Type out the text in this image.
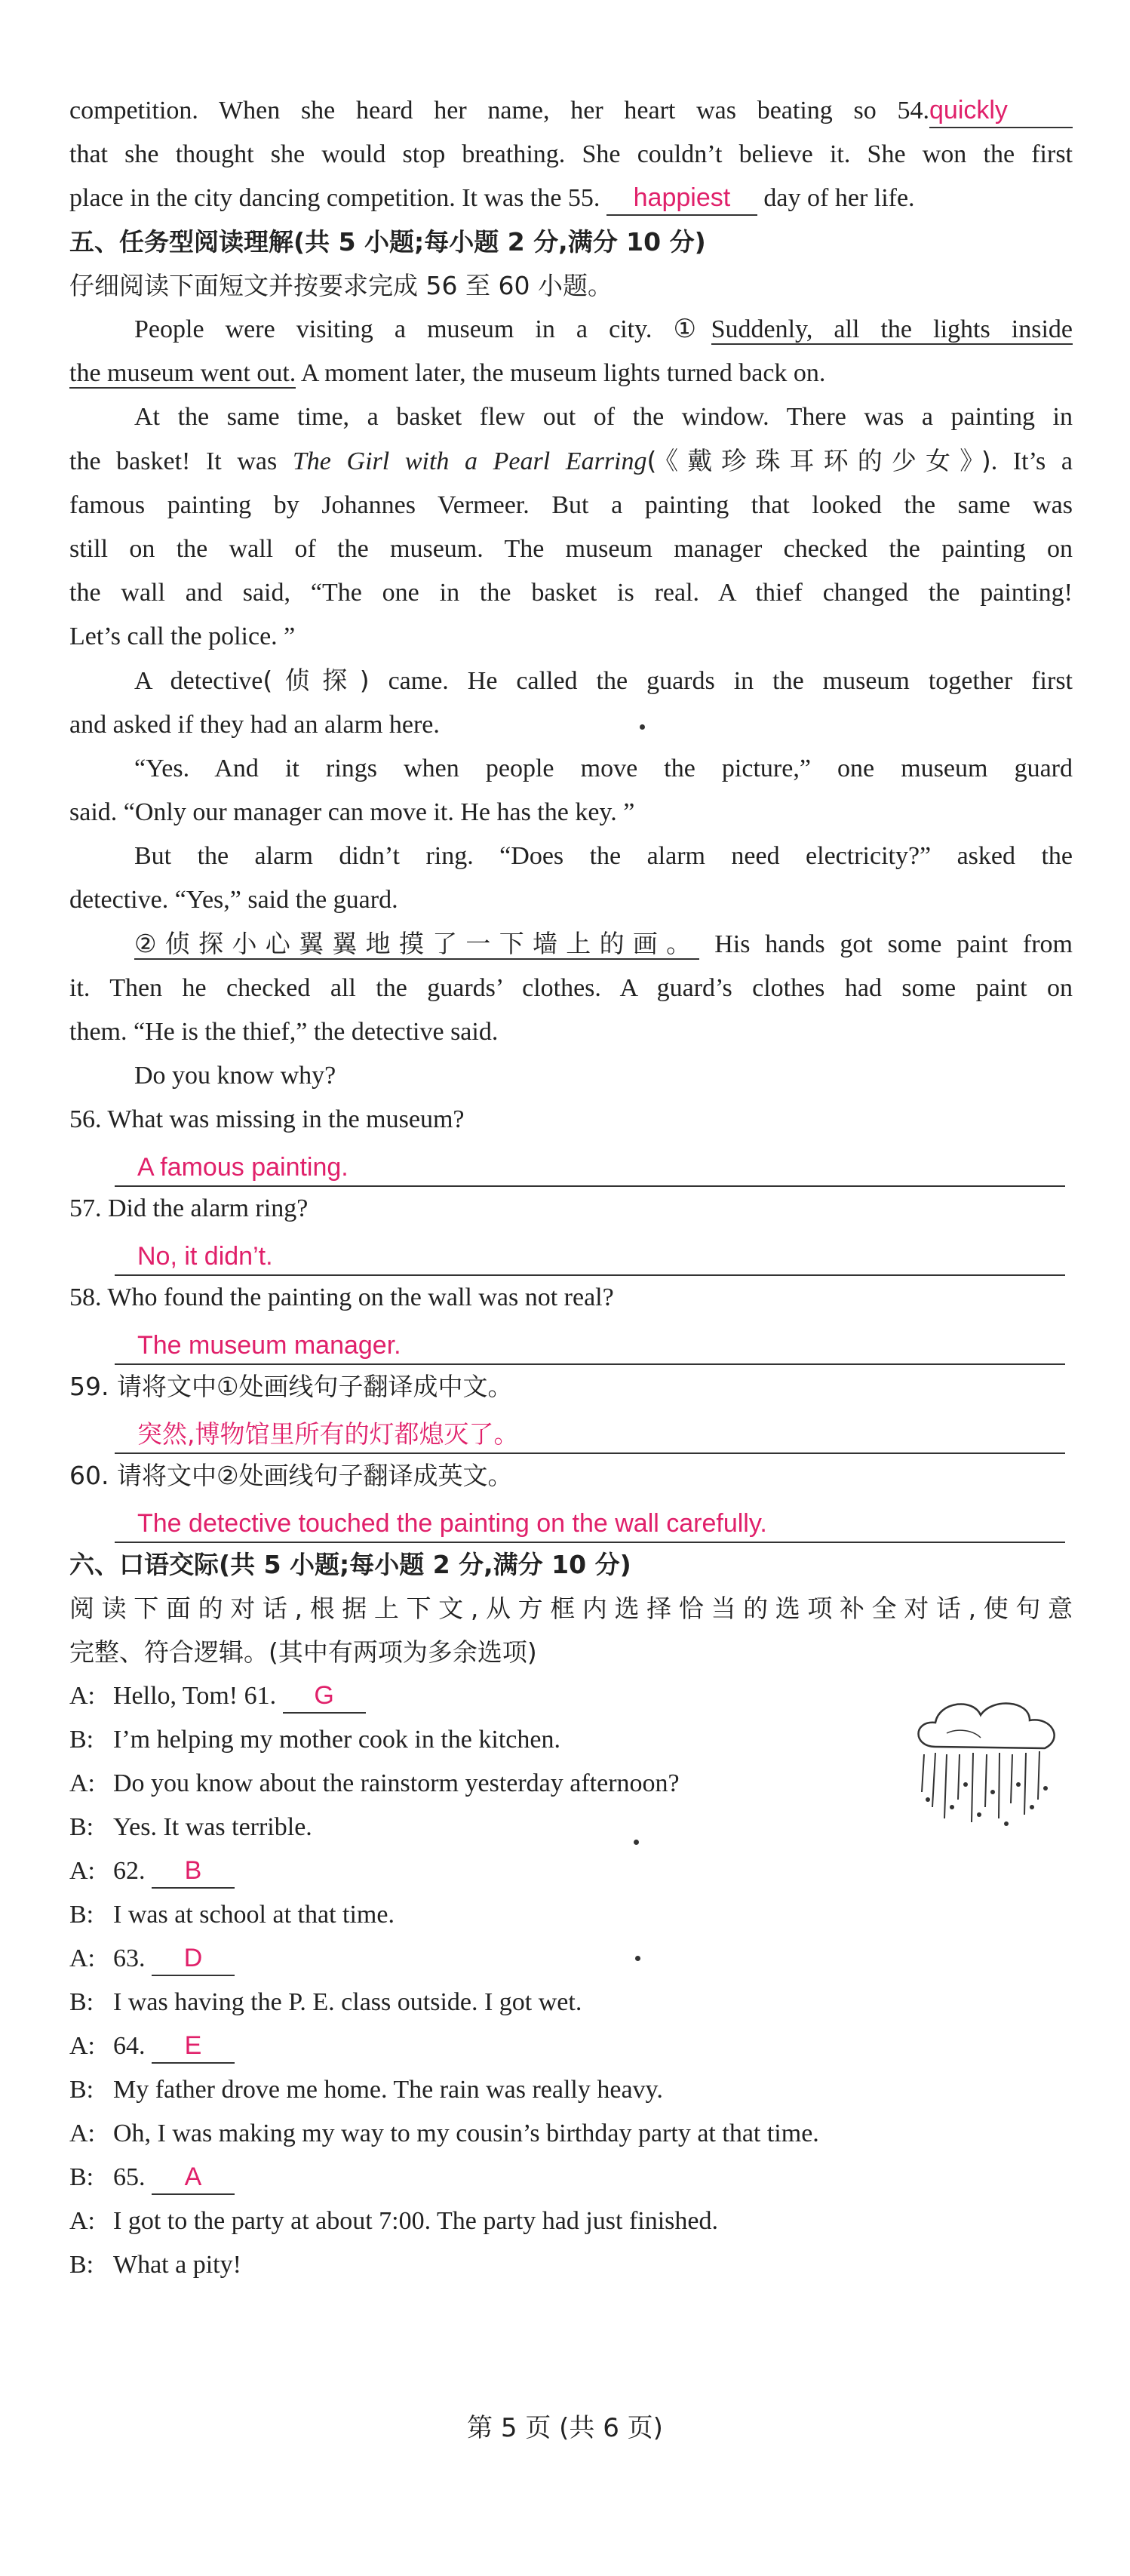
competition. When she heard her name, her heart was beating so 54.quickly
that she thought she would stop breathing. She couldn’t believe it. She won the first
place in the city dancing competition. It was the 55. happiest day of her life.
五、任务型阅读理解(共 5 小题;每小题 2 分,满分 10 分)
仔细阅读下面短文并按要求完成 56 至 60 小题。
People were visiting a museum in a city. ①Suddenly, all the lights inside
the museum went out. A moment later, the museum lights turned back on.
At the same time, a basket flew out of the window. There was a painting in
the basket! It was The Girl with a Pearl Earring(《戴珍珠耳环的少女》). It’s a
famous painting by Johannes Vermeer. But a painting that looked the same was
still on the wall of the museum. The museum manager checked the painting on
the wall and said, “The one in the basket is real. A thief changed the painting!
Let’s call the police. ”
A detective(侦探) came. He called the guards in the museum together first
and asked if they had an alarm here.
“Yes. And it rings when people move the picture,” one museum guard
said. “Only our manager can move it. He has the key. ”
But the alarm didn’t ring. “Does the alarm need electricity?” asked the
detective. “Yes,” said the guard.
②侦探小心翼翼地摸了一下墙上的画。 His hands got some paint from
it. Then he checked all the guards’ clothes. A guard’s clothes had some paint on
them. “He is the thief,” the detective said.
Do you know why?
56. What was missing in the museum?
A famous painting.
57. Did the alarm ring?
No, it didn’t.
58. Who found the painting on the wall was not real?
The museum manager.
59. 请将文中①处画线句子翻译成中文。
突然,博物馆里所有的灯都熄灭了。
60. 请将文中②处画线句子翻译成英文。
The detective touched the painting on the wall carefully.
六、口语交际(共 5 小题;每小题 2 分,满分 10 分)
阅读下面的对话,根据上下文,从方框内选择恰当的选项补全对话,使句意
完整、符合逻辑。(其中有两项为多余选项)
A: Hello, Tom! 61. G
B: I’m helping my mother cook in the kitchen.
A: Do you know about the rainstorm yesterday afternoon?
B: Yes. It was terrible.
A: 62. B
B: I was at school at that time.
A: 63. D
B: I was having the P. E. class outside. I got wet.
A: 64. E
B: My father drove me home. The rain was really heavy.
A: Oh, I was making my way to my cousin’s birthday party at that time.
B: 65. A
A: I got to the party at about 7:00. The party had just finished.
B: What a pity!
第 5 页 (共 6 页)
